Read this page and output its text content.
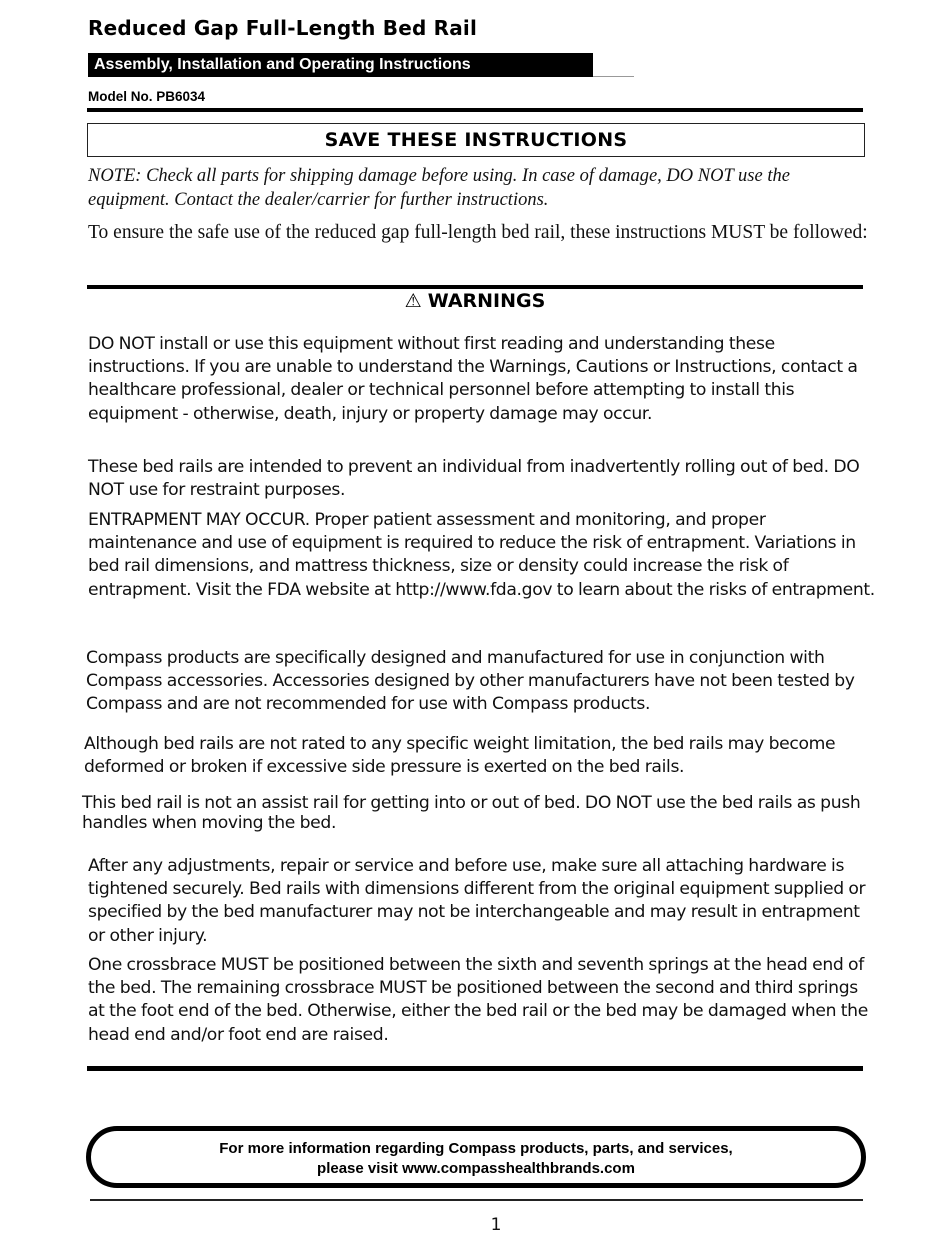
Reduced Gap Full-Length Bed Rail
Assembly, Installation and Operating Instructions
Model No. PB6034
SAVE THESE INSTRUCTIONS
NOTE: Check all parts for shipping damage before using. In case of damage, DO NOT use the equipment. Contact the dealer/carrier for further instructions.
To ensure the safe use of the reduced gap full-length bed rail, these instructions MUST be followed:
⚠ WARNINGS
DO NOT install or use this equipment without first reading and understanding these instructions. If you are unable to understand the Warnings, Cautions or Instructions, contact a healthcare professional, dealer or technical personnel before attempting to install this equipment - otherwise, death, injury or property damage may occur.
These bed rails are intended to prevent an individual from inadvertently rolling out of bed. DO NOT use for restraint purposes.
ENTRAPMENT MAY OCCUR. Proper patient assessment and monitoring, and proper maintenance and use of equipment is required to reduce the risk of entrapment. Variations in bed rail dimensions, and mattress thickness, size or density could increase the risk of entrapment. Visit the FDA website at http://www.fda.gov to learn about the risks of entrapment.
Compass products are specifically designed and manufactured for use in conjunction with Compass accessories. Accessories designed by other manufacturers have not been tested by Compass and are not recommended for use with Compass products.
Although bed rails are not rated to any specific weight limitation, the bed rails may become deformed or broken if excessive side pressure is exerted on the bed rails.
This bed rail is not an assist rail for getting into or out of bed. DO NOT use the bed rails as push handles when moving the bed.
After any adjustments, repair or service and before use, make sure all attaching hardware is tightened securely. Bed rails with dimensions different from the original equipment supplied or specified by the bed manufacturer may not be interchangeable and may result in entrapment or other injury.
One crossbrace MUST be positioned between the sixth and seventh springs at the head end of the bed. The remaining crossbrace MUST be positioned between the second and third springs at the foot end of the bed. Otherwise, either the bed rail or the bed may be damaged when the head end and/or foot end are raised.
For more information regarding Compass products, parts, and services,
please visit www.compasshealthbrands.com
1
